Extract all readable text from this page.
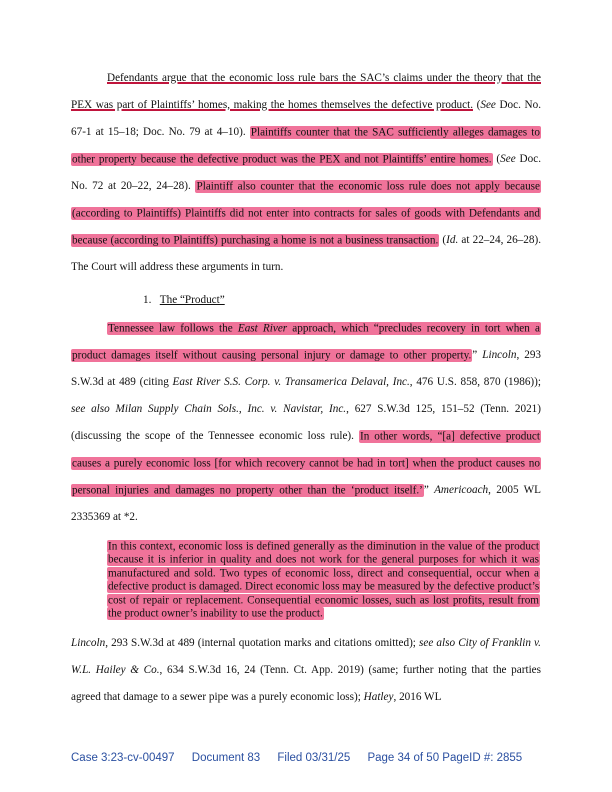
Defendants argue that the economic loss rule bars the SAC’s claims under the theory that the PEX was part of Plaintiffs’ homes, making the homes themselves the defective product. (See Doc. No. 67-1 at 15–18; Doc. No. 79 at 4–10). Plaintiffs counter that the SAC sufficiently alleges damages to other property because the defective product was the PEX and not Plaintiffs’ entire homes. (See Doc. No. 72 at 20–22, 24–28). Plaintiff also counter that the economic loss rule does not apply because (according to Plaintiffs) Plaintiffs did not enter into contracts for sales of goods with Defendants and because (according to Plaintiffs) purchasing a home is not a business transaction. (Id. at 22–24, 26–28). The Court will address these arguments in turn.
1. The “Product”
Tennessee law follows the East River approach, which “precludes recovery in tort when a product damages itself without causing personal injury or damage to other property.” Lincoln, 293 S.W.3d at 489 (citing East River S.S. Corp. v. Transamerica Delaval, Inc., 476 U.S. 858, 870 (1986)); see also Milan Supply Chain Sols., Inc. v. Navistar, Inc., 627 S.W.3d 125, 151–52 (Tenn. 2021) (discussing the scope of the Tennessee economic loss rule). In other words, “[a] defective product causes a purely economic loss [for which recovery cannot be had in tort] when the product causes no personal injuries and damages no property other than the ‘product itself.’” Americoach, 2005 WL 2335369 at *2.
In this context, economic loss is defined generally as the diminution in the value of the product because it is inferior in quality and does not work for the general purposes for which it was manufactured and sold. Two types of economic loss, direct and consequential, occur when a defective product is damaged. Direct economic loss may be measured by the defective product’s cost of repair or replacement. Consequential economic losses, such as lost profits, result from the product owner’s inability to use the product.
Lincoln, 293 S.W.3d at 489 (internal quotation marks and citations omitted); see also City of Franklin v. W.L. Hailey & Co., 634 S.W.3d 16, 24 (Tenn. Ct. App. 2019) (same; further noting that the parties agreed that damage to a sewer pipe was a purely economic loss); Hatley, 2016 WL
Case 3:23-cv-00497 Document 83 Filed 03/31/25 Page 34 of 50 PageID #: 2855
